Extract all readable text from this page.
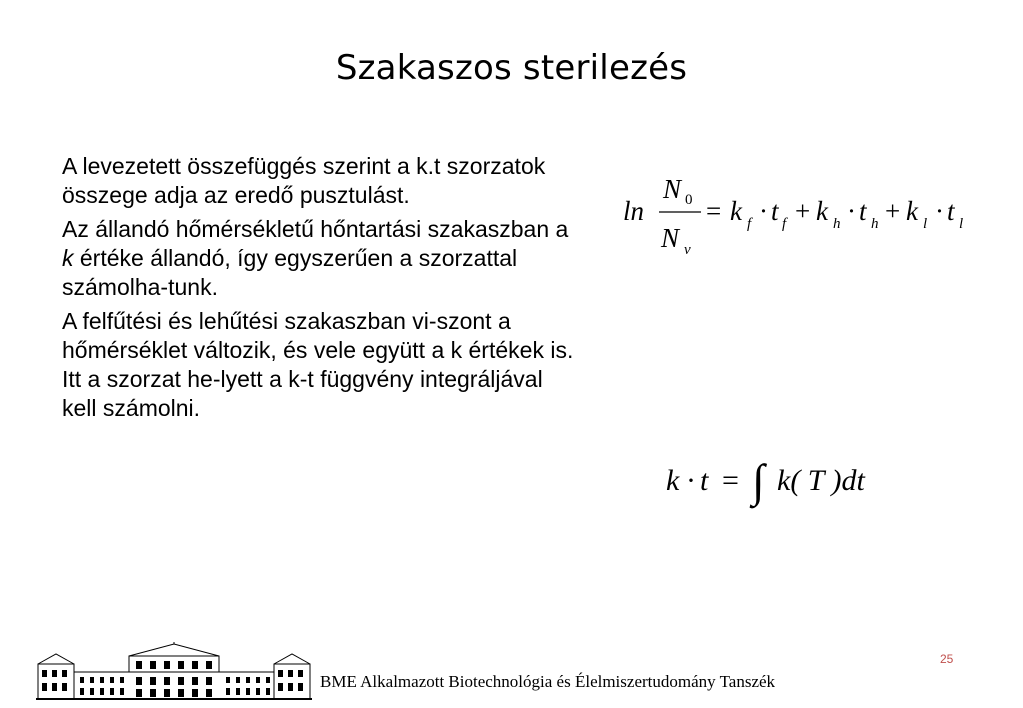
Szakaszos sterilezés

A levezetett összefüggés szerint a k.t szorzatok összege adja az eredő pusztulást.

Az állandó hőmérsékletű hőntartási szakaszban a k értéke állandó, így egyszerűen a szorzattal számolha-tunk.

A felfűtési és lehűtési szakaszban vi-szont a hőmérséklet változik, és vele együtt a k értékek is. Itt a szorzat he-lyett a k-t függvény integráljával kell számolni.

ln
N 0
N v
= k f · t f + k h · t h + k l · t l
k · t = ∫ k( T )dt
BME Alkalmazott Biotechnológia és Élelmiszertudomány Tanszék
25
